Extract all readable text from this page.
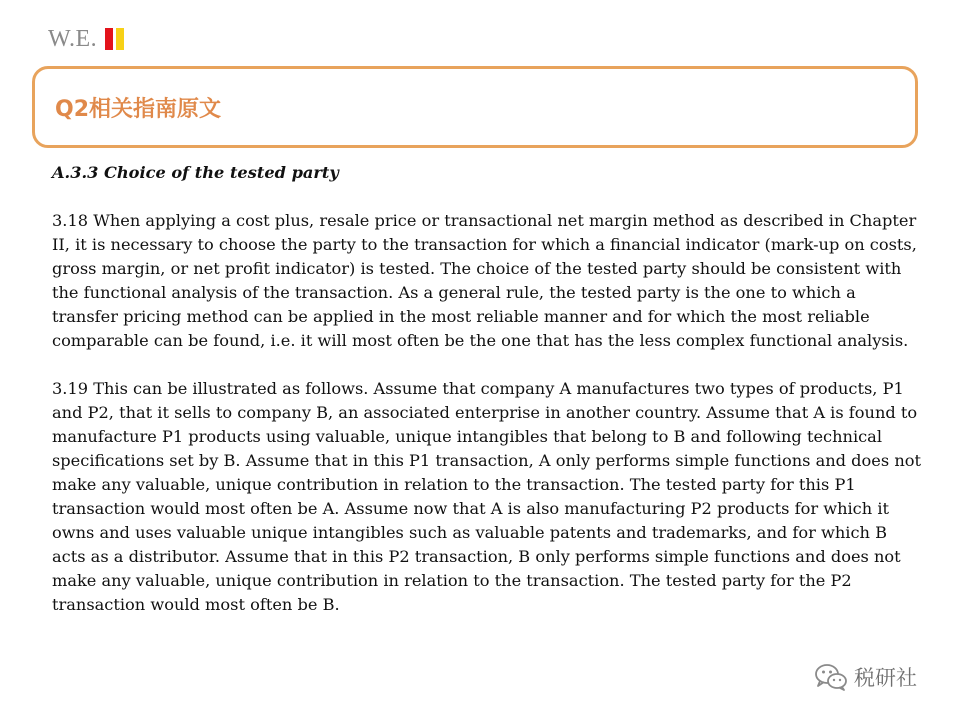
W.E.
Q2相关指南原文

A.3.3 Choice of the tested party

3.18 When applying a cost plus, resale price or transactional net margin method as described in Chapter II, it is necessary to choose the party to the transaction for which a financial indicator (mark-up on costs, gross margin, or net profit indicator) is tested. The choice of the tested party should be consistent with the functional analysis of the transaction. As a general rule, the tested party is the one to which a transfer pricing method can be applied in the most reliable manner and for which the most reliable comparable can be found, i.e. it will most often be the one that has the less complex functional analysis.

3.19 This can be illustrated as follows. Assume that company A manufactures two types of products, P1 and P2, that it sells to company B, an associated enterprise in another country. Assume that A is found to manufacture P1 products using valuable, unique intangibles that belong to B and following technical specifications set by B. Assume that in this P1 transaction, A only performs simple functions and does not make any valuable, unique contribution in relation to the transaction. The tested party for this P1 transaction would most often be A. Assume now that A is also manufacturing P2 products for which it owns and uses valuable unique intangibles such as valuable patents and trademarks, and for which B acts as a distributor. Assume that in this P2 transaction, B only performs simple functions and does not make any valuable, unique contribution in relation to the transaction. The tested party for the P2 transaction would most often be B.

税研社
